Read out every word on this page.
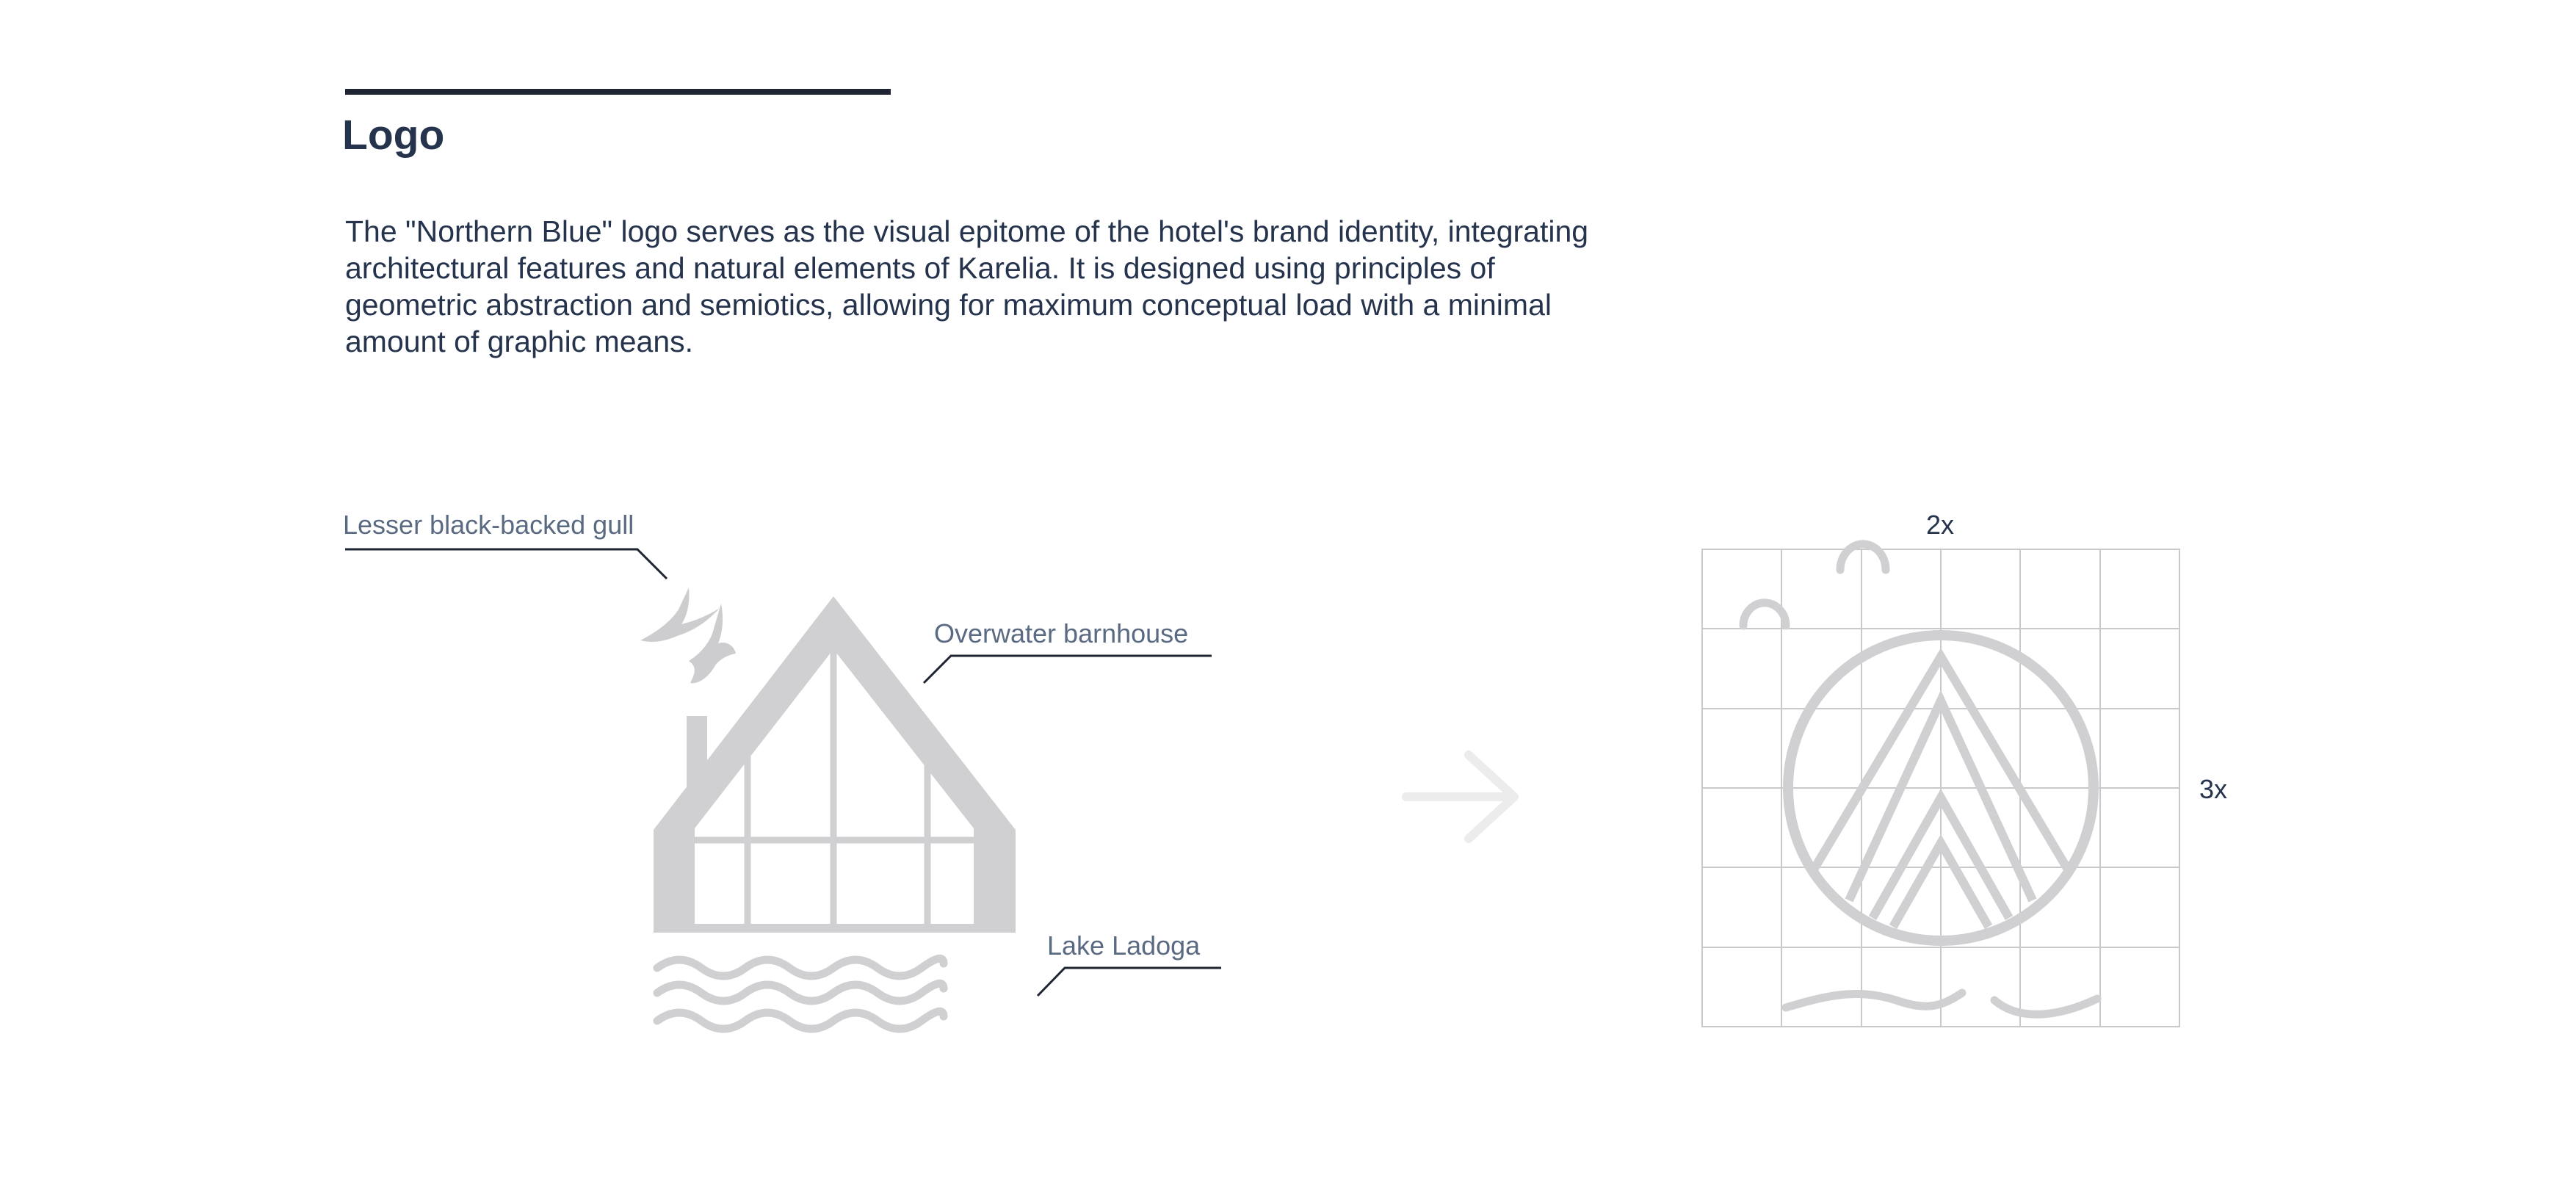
Logo

The "Northern Blue" logo serves as the visual epitome of the hotel's brand identity, integrating architectural features and natural elements of Karelia. It is designed using principles of geometric abstraction and semiotics, allowing for maximum conceptual load with a minimal amount of graphic means.

Lesser black-backed gull
Overwater barnhouse
Lake Ladoga
2x
3x
